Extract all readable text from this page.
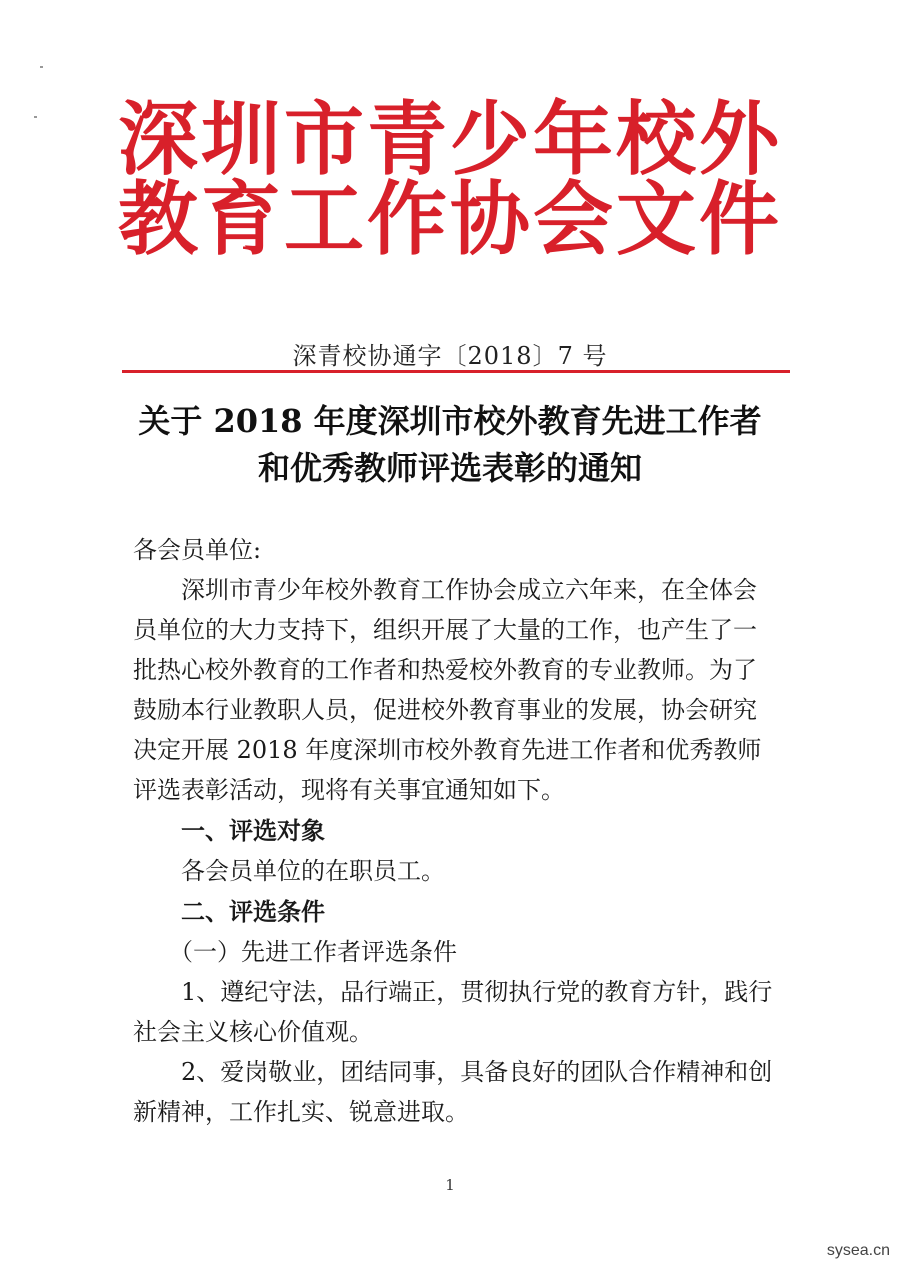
深圳市青少年校外
教育工作协会文件
深青校协通字〔2018〕7 号
关于 2018 年度深圳市校外教育先进工作者
和优秀教师评选表彰的通知

各会员单位:

深圳市青少年校外教育工作协会成立六年来，在全体会员单位的大力支持下，组织开展了大量的工作，也产生了一批热心校外教育的工作者和热爱校外教育的专业教师。为了鼓励本行业教职人员，促进校外教育事业的发展，协会研究决定开展 2018 年度深圳市校外教育先进工作者和优秀教师评选表彰活动，现将有关事宜通知如下。

一、评选对象

各会员单位的在职员工。

二、评选条件

（一）先进工作者评选条件

1、遵纪守法，品行端正，贯彻执行党的教育方针，践行社会主义核心价值观。

2、爱岗敬业，团结同事，具备良好的团队合作精神和创新精神，工作扎实、锐意进取。

1
sysea.cn
